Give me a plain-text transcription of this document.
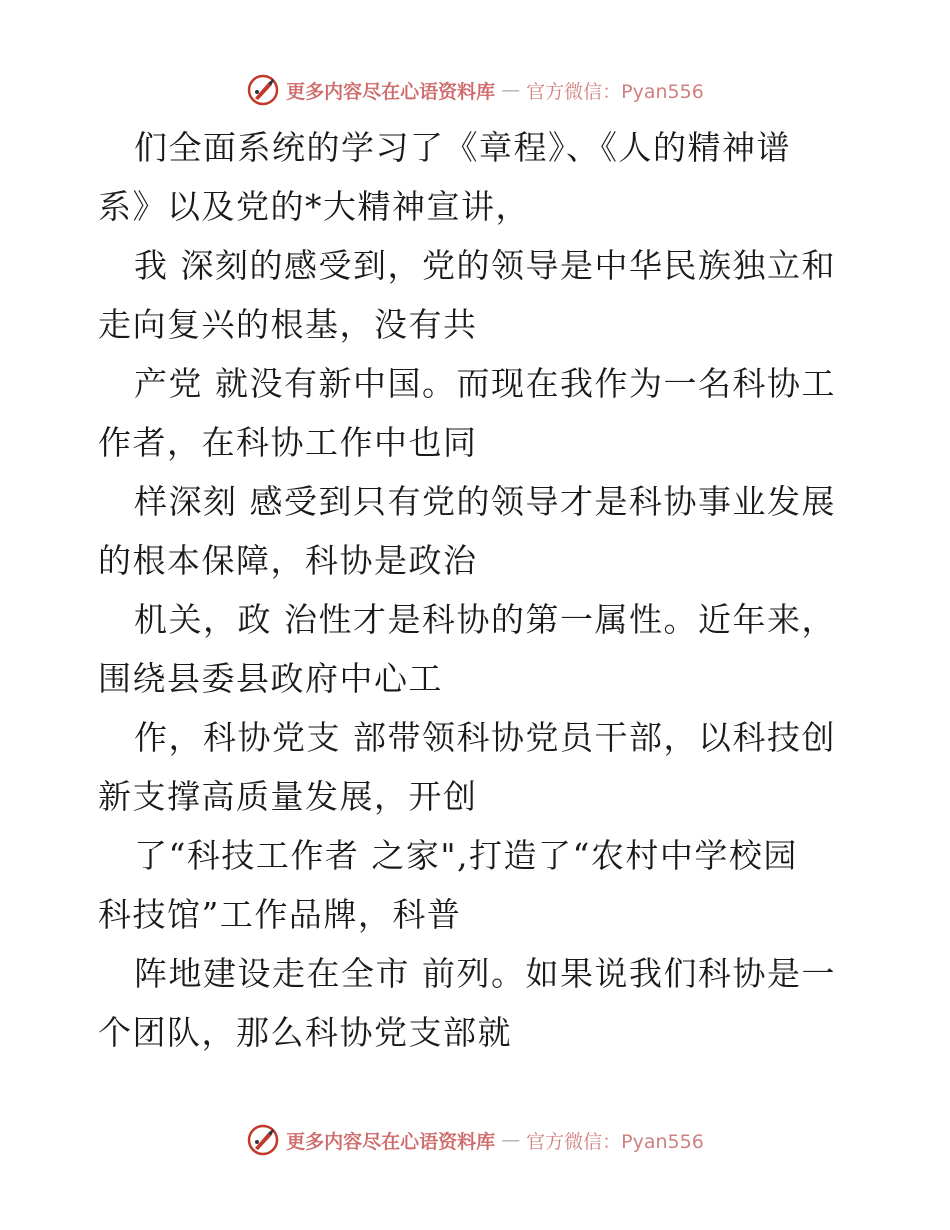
更多内容尽在心语资料库 — 官方微信：Pyan556
们全面系统的学习了《章程》、《人的精神谱
系》以及党的*大精神宣讲，
我 深刻的感受到，党的领导是中华民族独立和
走向复兴的根基，没有共
产党 就没有新中国。而现在我作为一名科协工
作者，在科协工作中也同
样深刻 感受到只有党的领导才是科协事业发展
的根本保障，科协是政治
机关，政 治性才是科协的第一属性。近年来，
围绕县委县政府中心工
作，科协党支 部带领科协党员干部，以科技创
新支撑高质量发展，开创
了“科技工作者 之家",打造了“农村中学校园
科技馆”工作品牌，科普
阵地建设走在全市 前列。如果说我们科协是一
个团队，那么科协党支部就
更多内容尽在心语资料库 — 官方微信：Pyan556
